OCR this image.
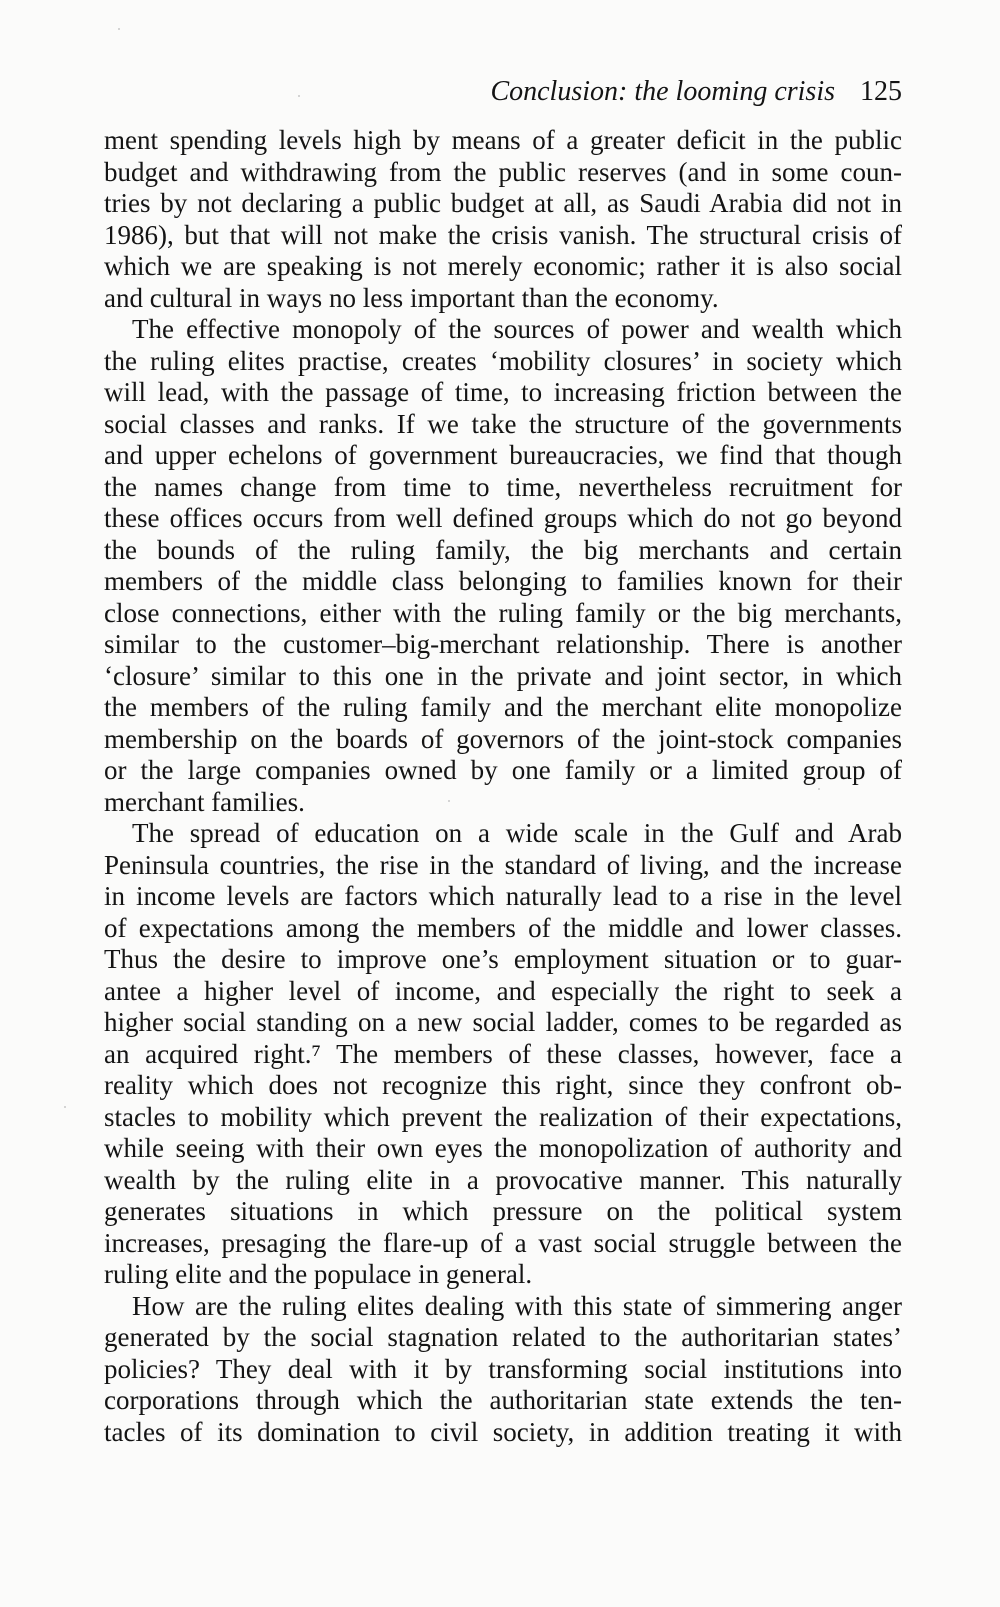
Conclusion: the looming crisis 125
ment spending levels high by means of a greater deficit in the public
budget and withdrawing from the public reserves (and in some coun-
tries by not declaring a public budget at all, as Saudi Arabia did not in
1986), but that will not make the crisis vanish. The structural crisis of
which we are speaking is not merely economic; rather it is also social
and cultural in ways no less important than the economy.
The effective monopoly of the sources of power and wealth which
the ruling elites practise, creates ‘mobility closures’ in society which
will lead, with the passage of time, to increasing friction between the
social classes and ranks. If we take the structure of the governments
and upper echelons of government bureaucracies, we find that though
the names change from time to time, nevertheless recruitment for
these offices occurs from well defined groups which do not go beyond
the bounds of the ruling family, the big merchants and certain
members of the middle class belonging to families known for their
close connections, either with the ruling family or the big merchants,
similar to the customer–big-merchant relationship. There is another
‘closure’ similar to this one in the private and joint sector, in which
the members of the ruling family and the merchant elite monopolize
membership on the boards of governors of the joint-stock companies
or the large companies owned by one family or a limited group of
merchant families.
The spread of education on a wide scale in the Gulf and Arab
Peninsula countries, the rise in the standard of living, and the increase
in income levels are factors which naturally lead to a rise in the level
of expectations among the members of the middle and lower classes.
Thus the desire to improve one’s employment situation or to guar-
antee a higher level of income, and especially the right to seek a
higher social standing on a new social ladder, comes to be regarded as
an acquired right.⁷ The members of these classes, however, face a
reality which does not recognize this right, since they confront ob-
stacles to mobility which prevent the realization of their expectations,
while seeing with their own eyes the monopolization of authority and
wealth by the ruling elite in a provocative manner. This naturally
generates situations in which pressure on the political system
increases, presaging the flare-up of a vast social struggle between the
ruling elite and the populace in general.
How are the ruling elites dealing with this state of simmering anger
generated by the social stagnation related to the authoritarian states’
policies? They deal with it by transforming social institutions into
corporations through which the authoritarian state extends the ten-
tacles of its domination to civil society, in addition treating it with
